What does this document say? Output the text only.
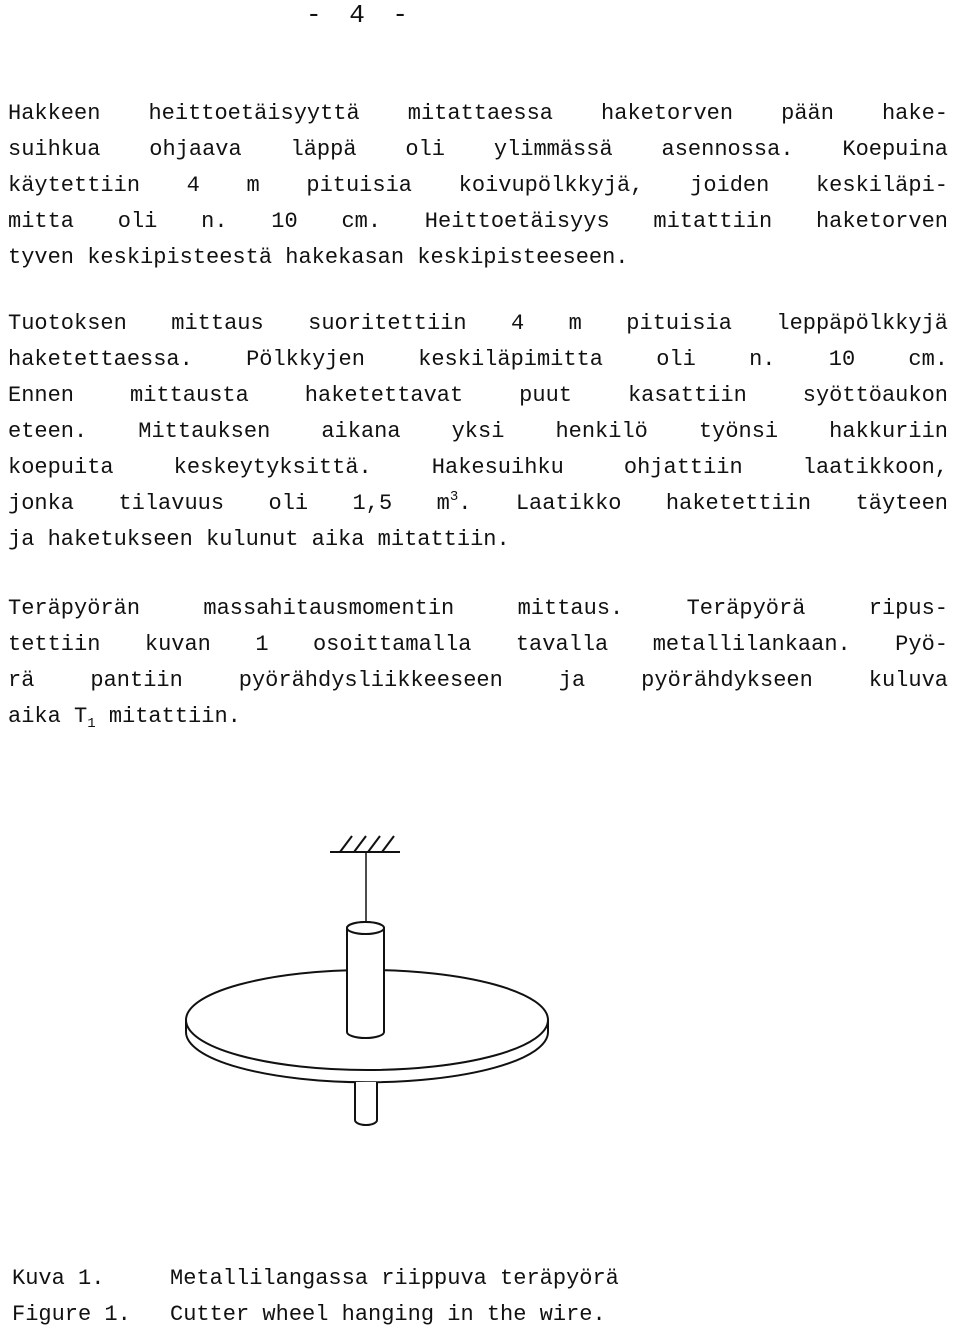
- 4 -
Hakkeen heittoetäisyyttä mitattaessa haketorven pään hake-
suihkua ohjaava läppä oli ylimmässä asennossa. Koepuina
käytettiin 4 m pituisia koivupölkkyjä, joiden keskiläpi-
mitta oli n. 10 cm. Heittoetäisyys mitattiin haketorven
tyven keskipisteestä hakekasan keskipisteeseen.
Tuotoksen mittaus suoritettiin 4 m pituisia leppäpölkkyjä
haketettaessa. Pölkkyjen keskiläpimitta oli n. 10 cm.
Ennen mittausta haketettavat puut kasattiin syöttöaukon
eteen. Mittauksen aikana yksi henkilö työnsi hakkuriin
koepuita keskeytyksittä. Hakesuihku ohjattiin laatikkoon,
jonka tilavuus oli 1,5 $m^3$. Laatikko haketettiin täyteen
ja haketukseen kulunut aika mitattiin.
Teräpyörän massahitausmomentin mittaus. Teräpyörä ripus-
tettiin kuvan 1 osoittamalla tavalla metallilankaan. Pyö-
rä pantiin pyörähdysliikkeeseen ja pyörähdykseen kuluva
aika $T_1$ mitattiin.
Kuva 1.	Metallilangassa riippuva teräpyörä
Figure 1. Cutter wheel hanging in the wire.
